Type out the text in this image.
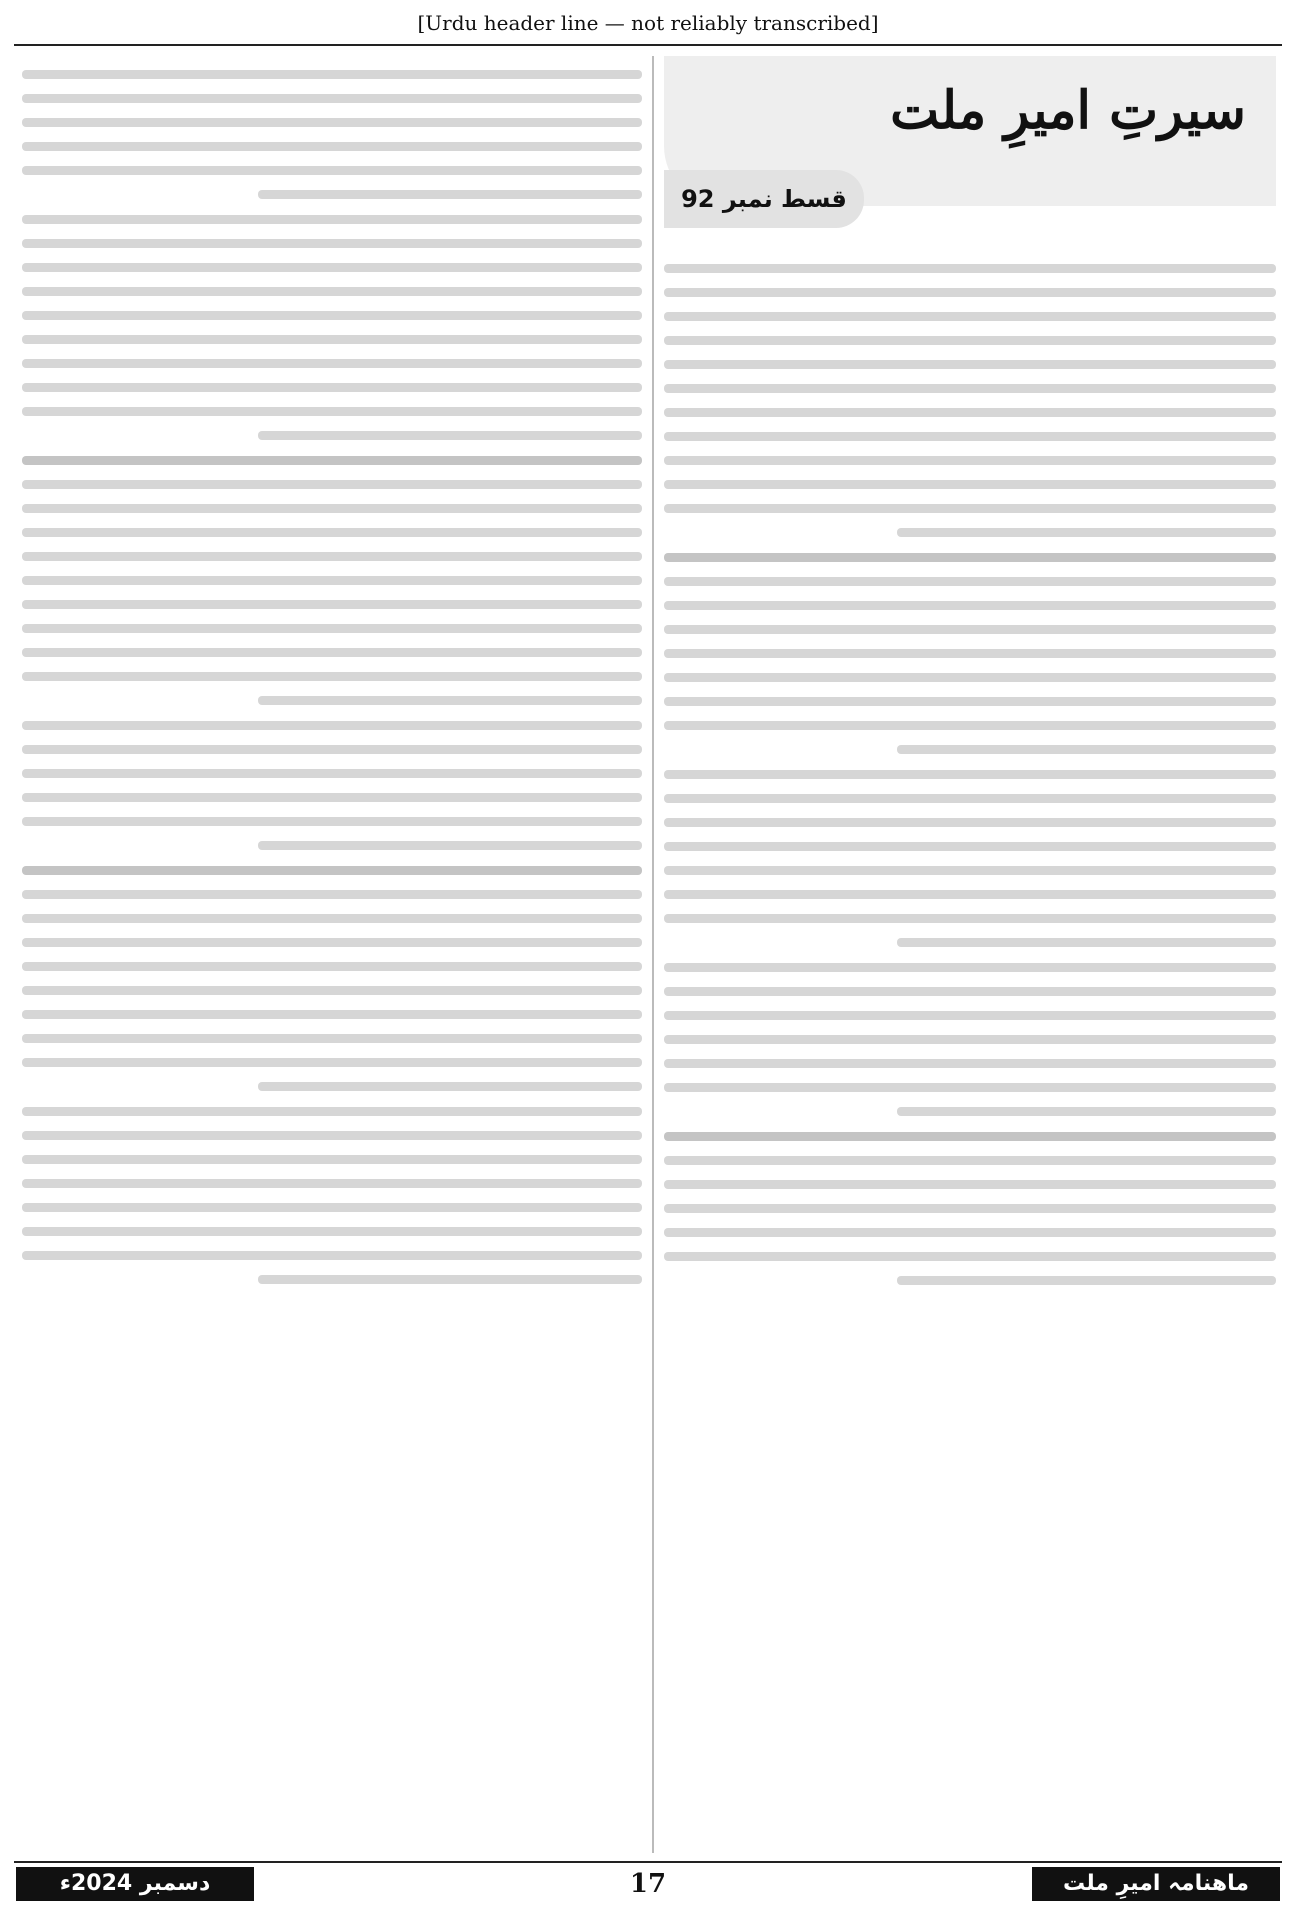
[Urdu header line — not reliably transcribed]
سیرتِ امیرِ ملت
قسط نمبر 92
دسمبر 2024ء	17	ماھنامہ امیرِ ملت
